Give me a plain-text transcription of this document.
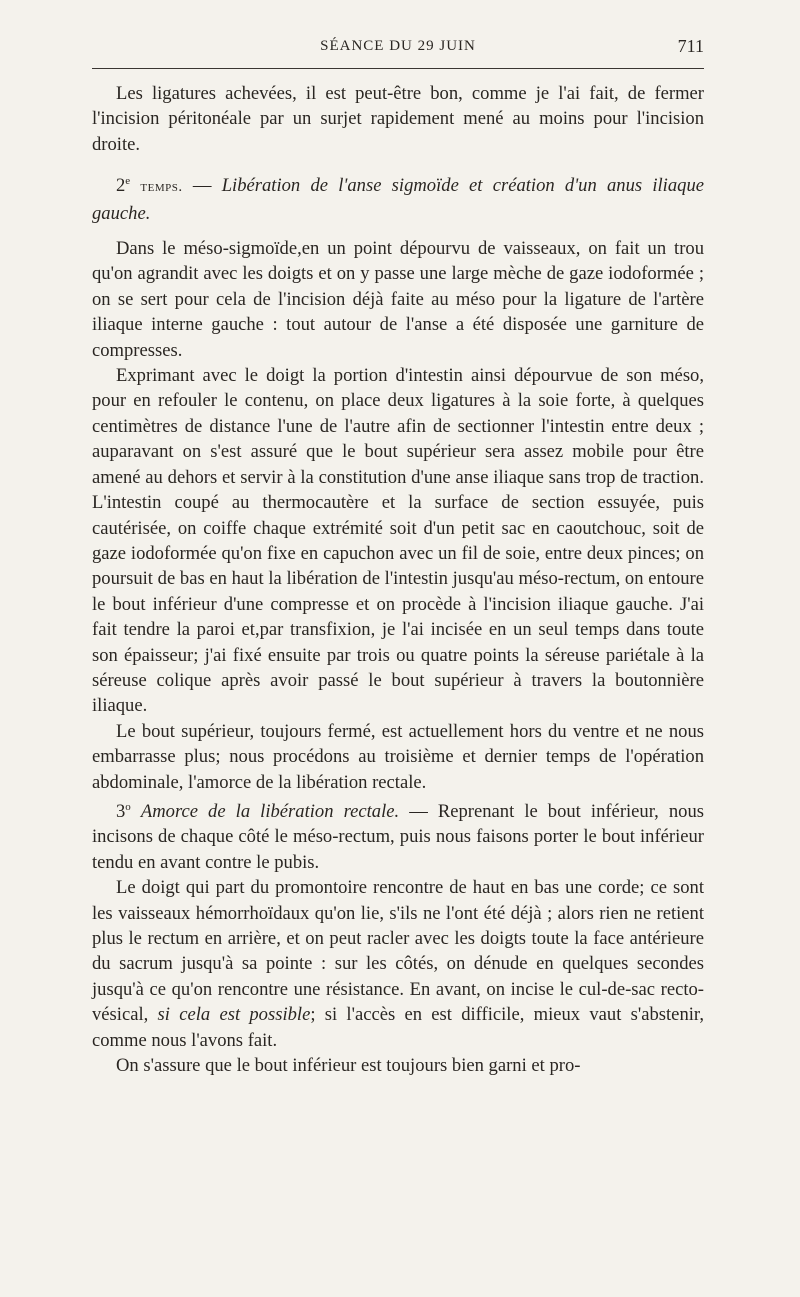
SÉANCE DU 29 JUIN	711

Les ligatures achevées, il est peut-être bon, comme je l'ai fait, de fermer l'incision péritonéale par un surjet rapidement mené au moins pour l'incision droite.

2e temps. — Libération de l'anse sigmoïde et création d'un anus iliaque gauche.

Dans le méso-sigmoïde,en un point dépourvu de vaisseaux, on fait un trou qu'on agrandit avec les doigts et on y passe une large mèche de gaze iodoformée ; on se sert pour cela de l'incision déjà faite au méso pour la ligature de l'artère iliaque interne gauche : tout autour de l'anse a été disposée une garniture de compresses.

Exprimant avec le doigt la portion d'intestin ainsi dépourvue de son méso, pour en refouler le contenu, on place deux ligatures à la soie forte, à quelques centimètres de distance l'une de l'autre afin de sectionner l'intestin entre deux ; auparavant on s'est assuré que le bout supérieur sera assez mobile pour être amené au dehors et servir à la constitution d'une anse iliaque sans trop de traction. L'intestin coupé au thermocautère et la surface de section essuyée, puis cautérisée, on coiffe chaque extrémité soit d'un petit sac en caoutchouc, soit de gaze iodoformée qu'on fixe en capuchon avec un fil de soie, entre deux pinces; on poursuit de bas en haut la libération de l'intestin jusqu'au méso-rectum, on entoure le bout inférieur d'une compresse et on procède à l'incision iliaque gauche. J'ai fait tendre la paroi et,par transfixion, je l'ai incisée en un seul temps dans toute son épaisseur; j'ai fixé ensuite par trois ou quatre points la séreuse pariétale à la séreuse colique après avoir passé le bout supérieur à travers la boutonnière iliaque.

Le bout supérieur, toujours fermé, est actuellement hors du ventre et ne nous embarrasse plus; nous procédons au troisième et dernier temps de l'opération abdominale, l'amorce de la libération rectale.

3$^o$ Amorce de la libération rectale. — Reprenant le bout inférieur, nous incisons de chaque côté le méso-rectum, puis nous faisons porter le bout inférieur tendu en avant contre le pubis.

Le doigt qui part du promontoire rencontre de haut en bas une corde; ce sont les vaisseaux hémorrhoïdaux qu'on lie, s'ils ne l'ont été déjà ; alors rien ne retient plus le rectum en arrière, et on peut racler avec les doigts toute la face antérieure du sacrum jusqu'à sa pointe : sur les côtés, on dénude en quelques secondes jusqu'à ce qu'on rencontre une résistance. En avant, on incise le cul-de-sac recto-vésical, si cela est possible; si l'accès en est difficile, mieux vaut s'abstenir, comme nous l'avons fait.

On s'assure que le bout inférieur est toujours bien garni et pro-
